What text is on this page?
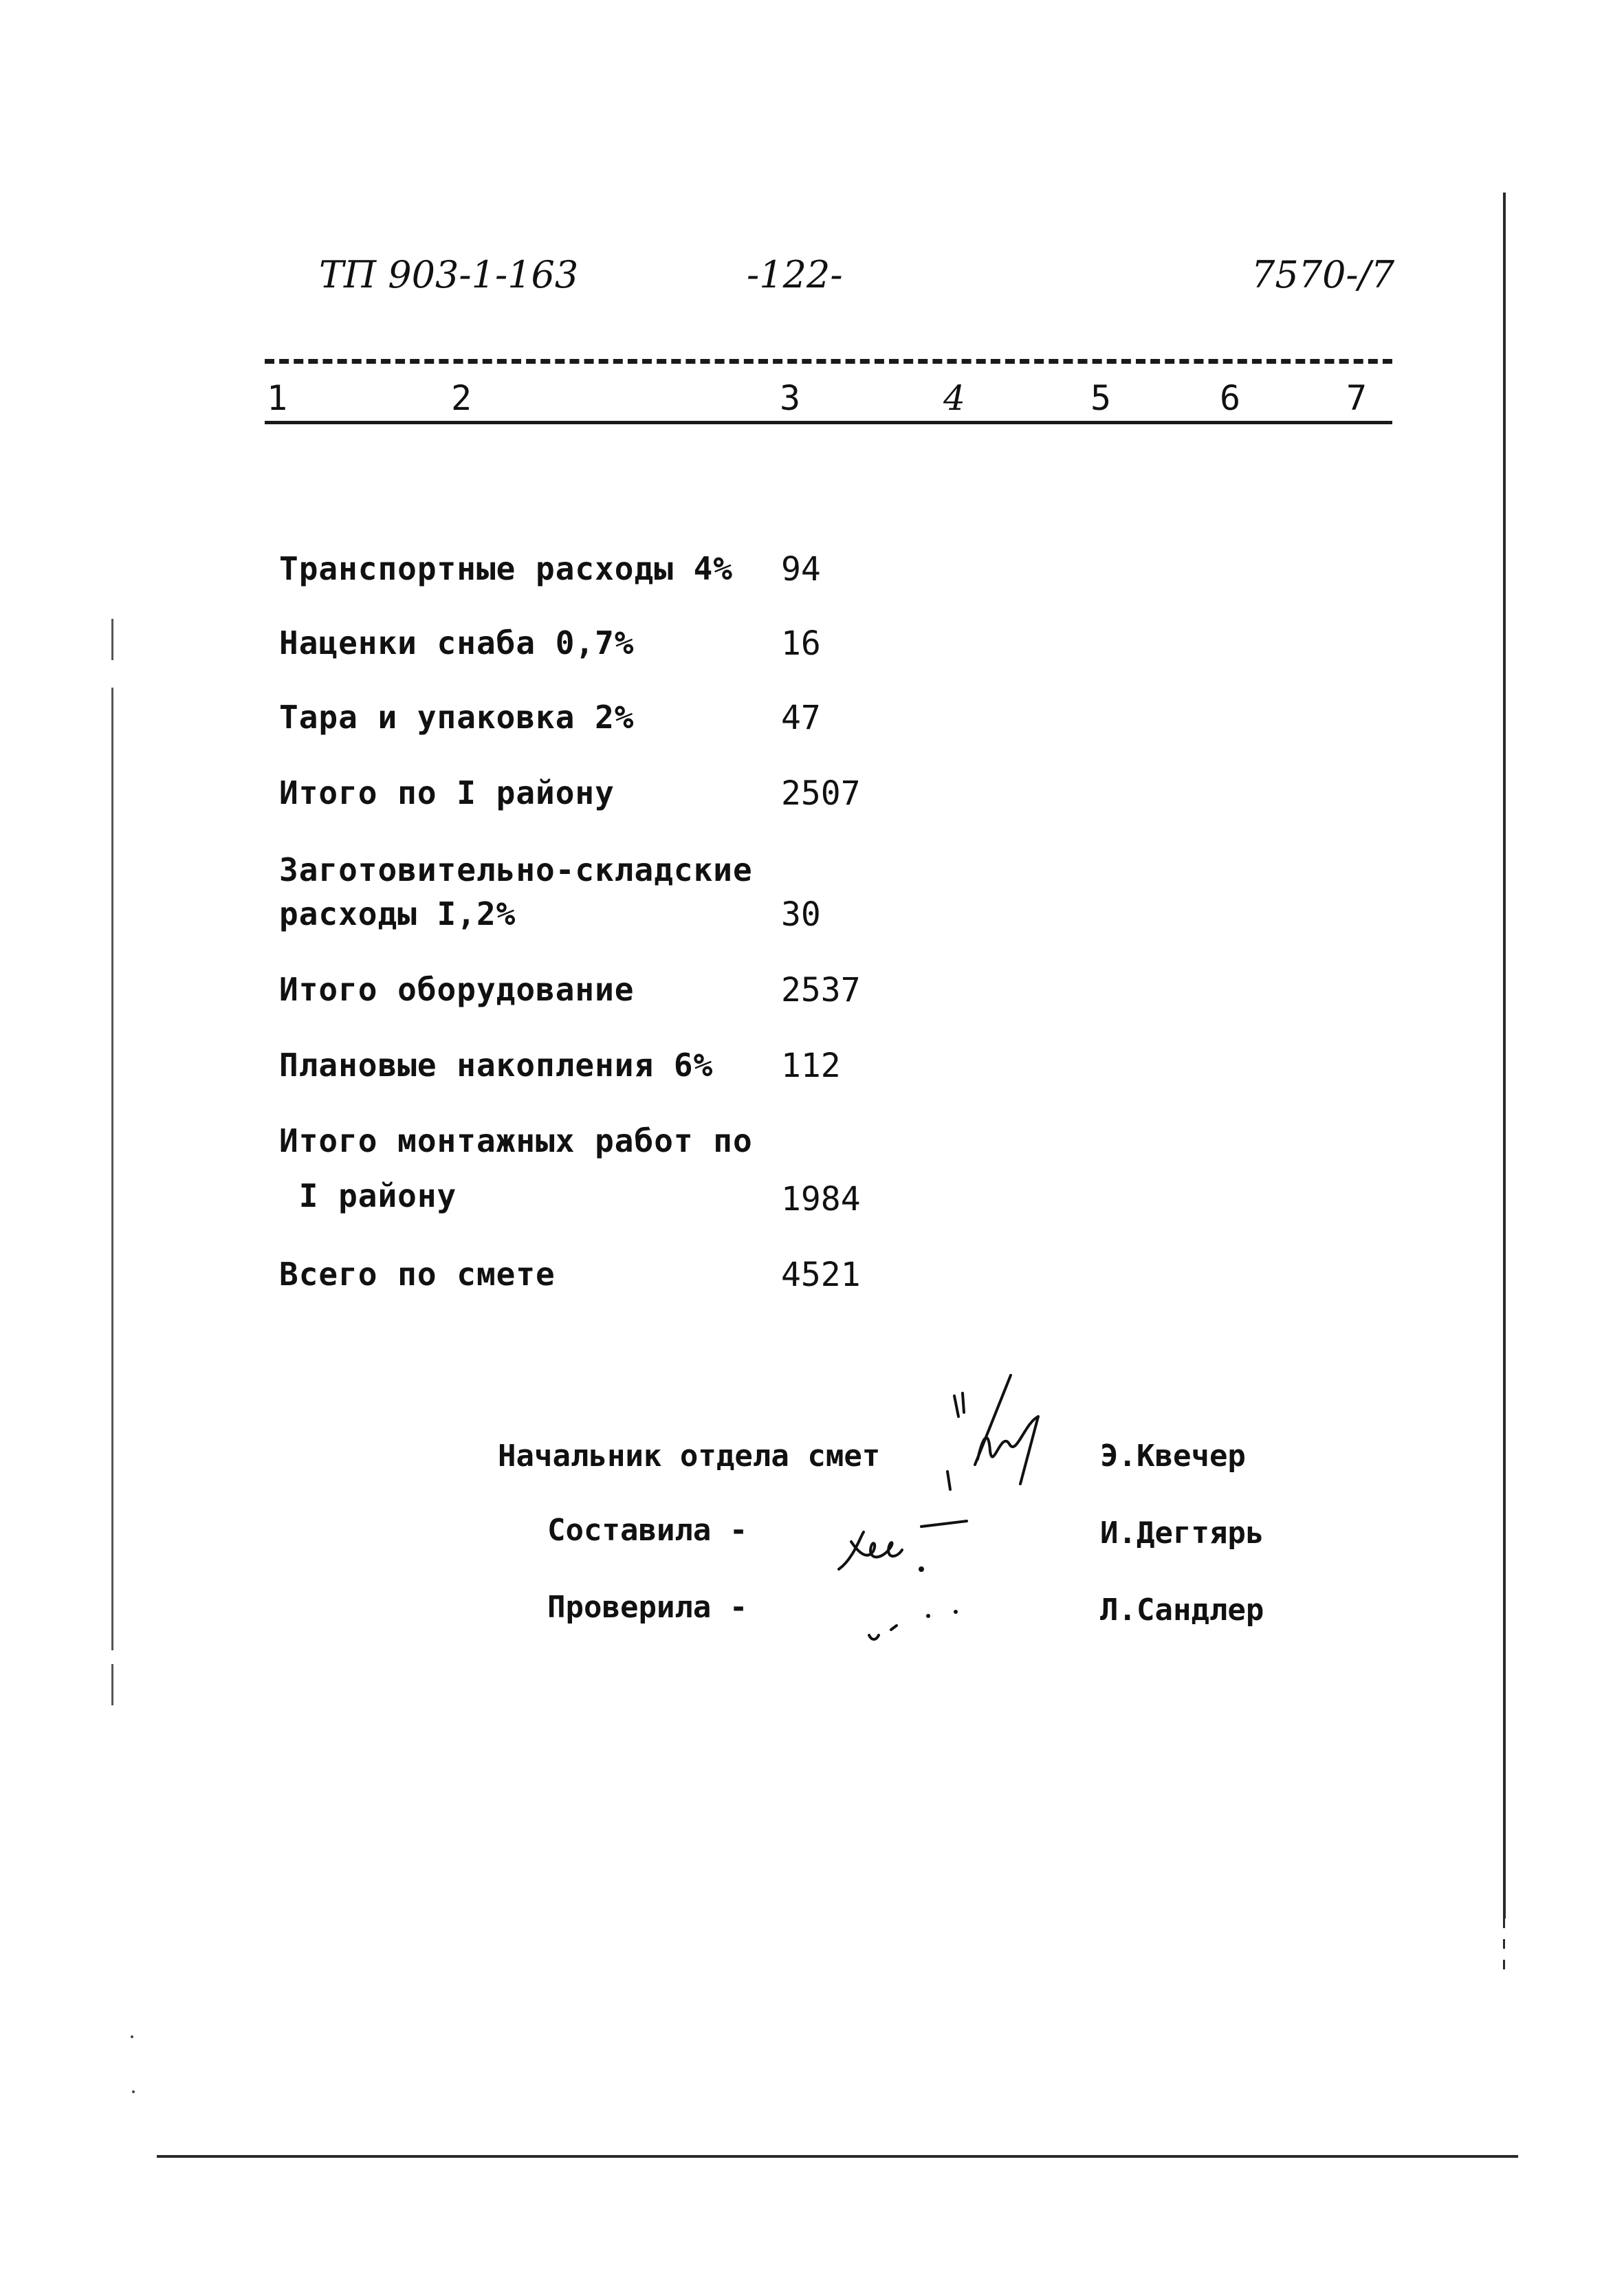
ТП 903-1-163	-122-	7570-/7
1	2	3	4	5	6	7
Транспортные расходы 4% 94
Наценки снаба 0,7%	16
Тара и упаковка 2%	47
Итого по I району	2507
Заготовительно-складские
расходы I,2%	30
Итого оборудование	2537
Плановые накопления 6% 112
Итого монтажных работ по
I району	1984
Всего по смете	4521
Начальник отдела смет	Э.Квечер
Составила -	И.Дегтярь
Проверила -	Л.Сандлер
